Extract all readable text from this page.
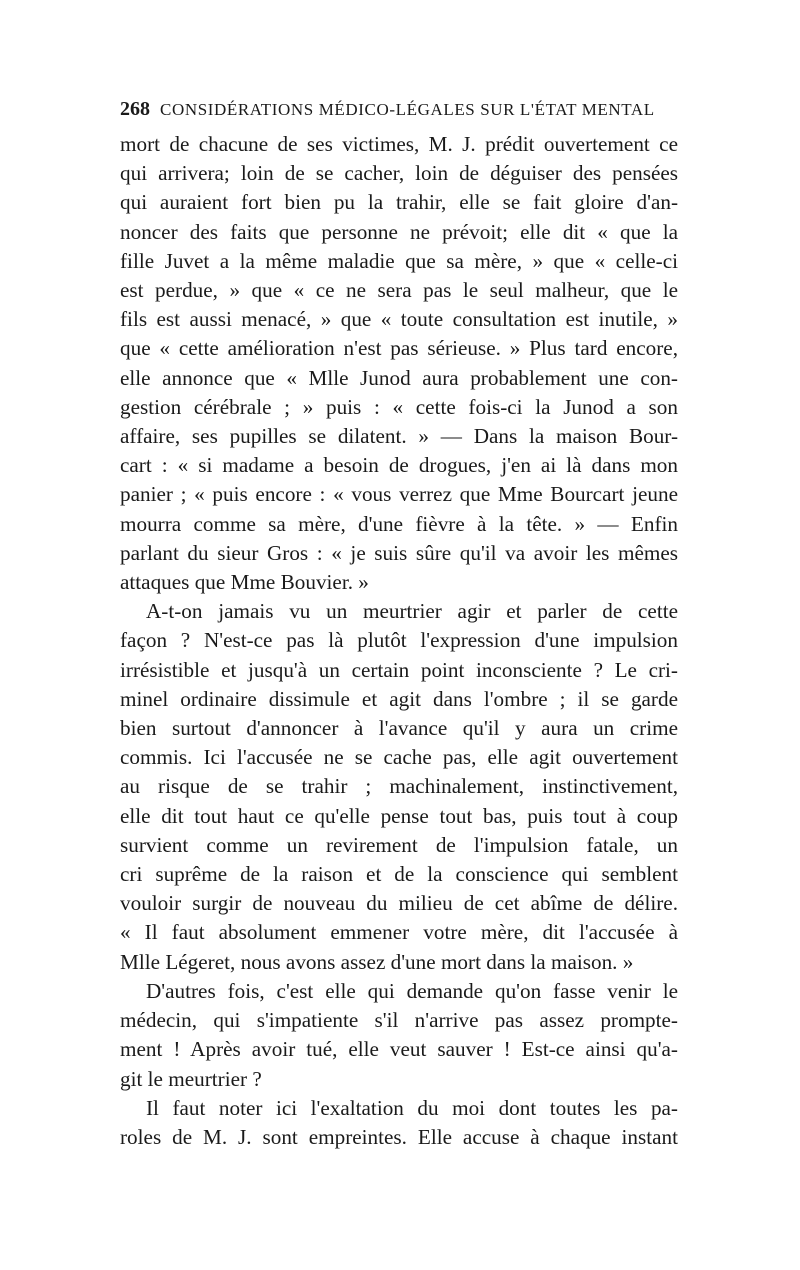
268 CONSIDÉRATIONS MÉDICO-LÉGALES SUR L'ÉTAT MENTAL

mort de chacune de ses victimes, M. J. prédit ouvertement ce
qui arrivera; loin de se cacher, loin de déguiser des pensées
qui auraient fort bien pu la trahir, elle se fait gloire d'an-
noncer des faits que personne ne prévoit; elle dit « que la
fille Juvet a la même maladie que sa mère, » que « celle-ci
est perdue, » que « ce ne sera pas le seul malheur, que le
fils est aussi menacé, » que « toute consultation est inutile, »
que « cette amélioration n'est pas sérieuse. » Plus tard encore,
elle annonce que « Mlle Junod aura probablement une con-
gestion cérébrale ; » puis : « cette fois-ci la Junod a son
affaire, ses pupilles se dilatent. » — Dans la maison Bour-
cart : « si madame a besoin de drogues, j'en ai là dans mon
panier ; « puis encore : « vous verrez que Mme Bourcart jeune
mourra comme sa mère, d'une fièvre à la tête. » — Enfin
parlant du sieur Gros : « je suis sûre qu'il va avoir les mêmes
attaques que Mme Bouvier. »

A-t-on jamais vu un meurtrier agir et parler de cette
façon ? N'est-ce pas là plutôt l'expression d'une impulsion
irrésistible et jusqu'à un certain point inconsciente ? Le cri-
minel ordinaire dissimule et agit dans l'ombre ; il se garde
bien surtout d'annoncer à l'avance qu'il y aura un crime
commis. Ici l'accusée ne se cache pas, elle agit ouvertement
au risque de se trahir ; machinalement, instinctivement,
elle dit tout haut ce qu'elle pense tout bas, puis tout à coup
survient comme un revirement de l'impulsion fatale, un
cri suprême de la raison et de la conscience qui semblent
vouloir surgir de nouveau du milieu de cet abîme de délire.
« Il faut absolument emmener votre mère, dit l'accusée à
Mlle Légeret, nous avons assez d'une mort dans la maison. »

D'autres fois, c'est elle qui demande qu'on fasse venir le
médecin, qui s'impatiente s'il n'arrive pas assez prompte-
ment ! Après avoir tué, elle veut sauver ! Est-ce ainsi qu'a-
git le meurtrier ?

Il faut noter ici l'exaltation du moi dont toutes les pa-
roles de M. J. sont empreintes. Elle accuse à chaque instant
